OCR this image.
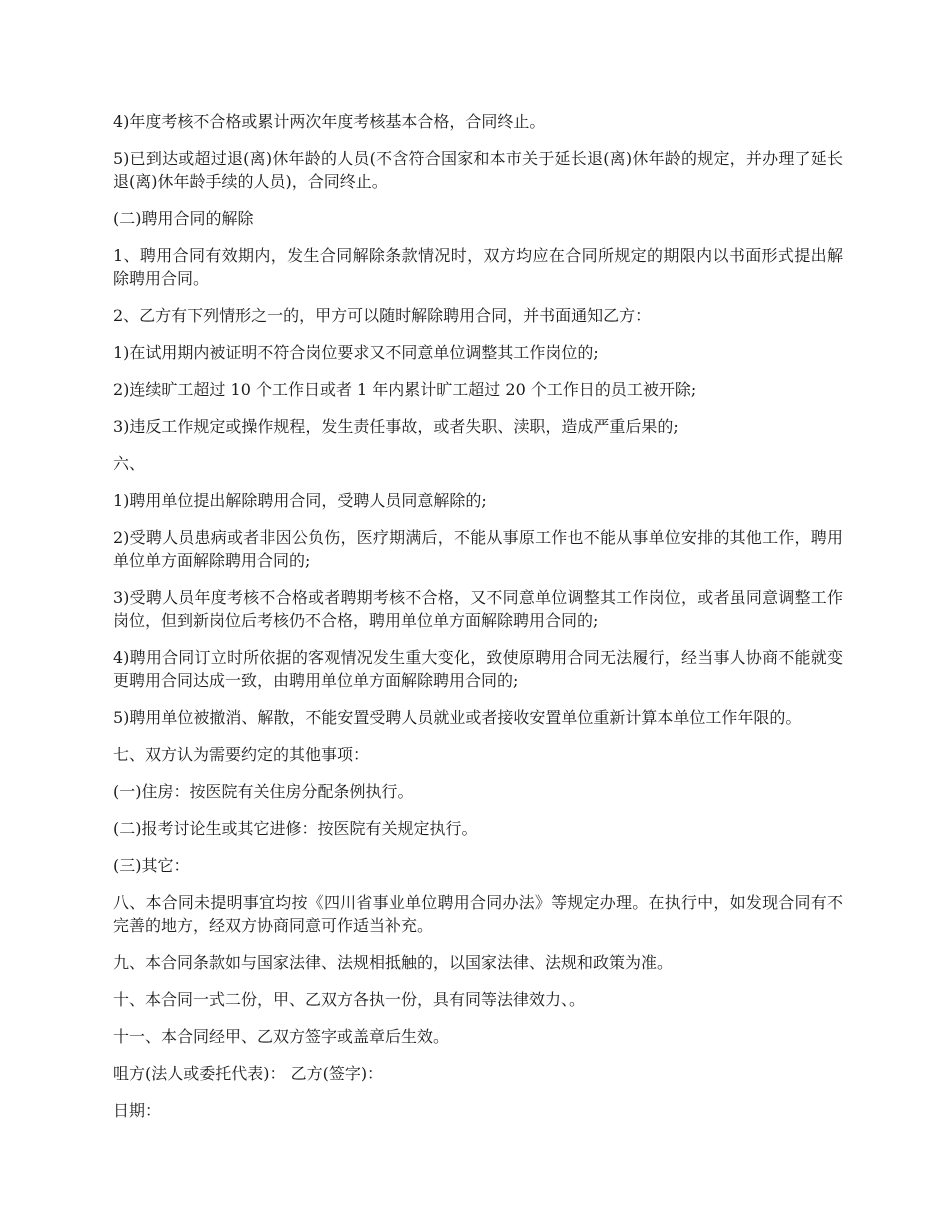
4)年度考核不合格或累计两次年度考核基本合格，合同终止。

5)已到达或超过退(离)休年龄的人员(不含符合国家和本市关于延长退(离)休年龄的规定，并办理了延长退(离)休年龄手续的人员)，合同终止。

(二)聘用合同的解除

1、聘用合同有效期内，发生合同解除条款情况时，双方均应在合同所规定的期限内以书面形式提出解除聘用合同。

2、乙方有下列情形之一的，甲方可以随时解除聘用合同，并书面通知乙方：

1)在试用期内被证明不符合岗位要求又不同意单位调整其工作岗位的;

2)连续旷工超过 10 个工作日或者 1 年内累计旷工超过 20 个工作日的员工被开除;

3)违反工作规定或操作规程，发生责任事故，或者失职、渎职，造成严重后果的;

六、

1)聘用单位提出解除聘用合同，受聘人员同意解除的;

2)受聘人员患病或者非因公负伤，医疗期满后，不能从事原工作也不能从事单位安排的其他工作，聘用单位单方面解除聘用合同的;

3)受聘人员年度考核不合格或者聘期考核不合格，又不同意单位调整其工作岗位，或者虽同意调整工作岗位，但到新岗位后考核仍不合格，聘用单位单方面解除聘用合同的;

4)聘用合同订立时所依据的客观情况发生重大变化，致使原聘用合同无法履行，经当事人协商不能就变更聘用合同达成一致，由聘用单位单方面解除聘用合同的;

5)聘用单位被撤消、解散，不能安置受聘人员就业或者接收安置单位重新计算本单位工作年限的。

七、双方认为需要约定的其他事项：

(一)住房：按医院有关住房分配条例执行。

(二)报考讨论生或其它进修：按医院有关规定执行。

(三)其它：

八、本合同未提明事宜均按《四川省事业单位聘用合同办法》等规定办理。在执行中，如发现合同有不完善的地方，经双方协商同意可作适当补充。

九、本合同条款如与国家法律、法规相抵触的，以国家法律、法规和政策为准。

十、本合同一式二份，甲、乙双方各执一份，具有同等法律效力、。

十一、本合同经甲、乙双方签字或盖章后生效。

咀方(法人或委托代表)： 乙方(签字)：

日期：
